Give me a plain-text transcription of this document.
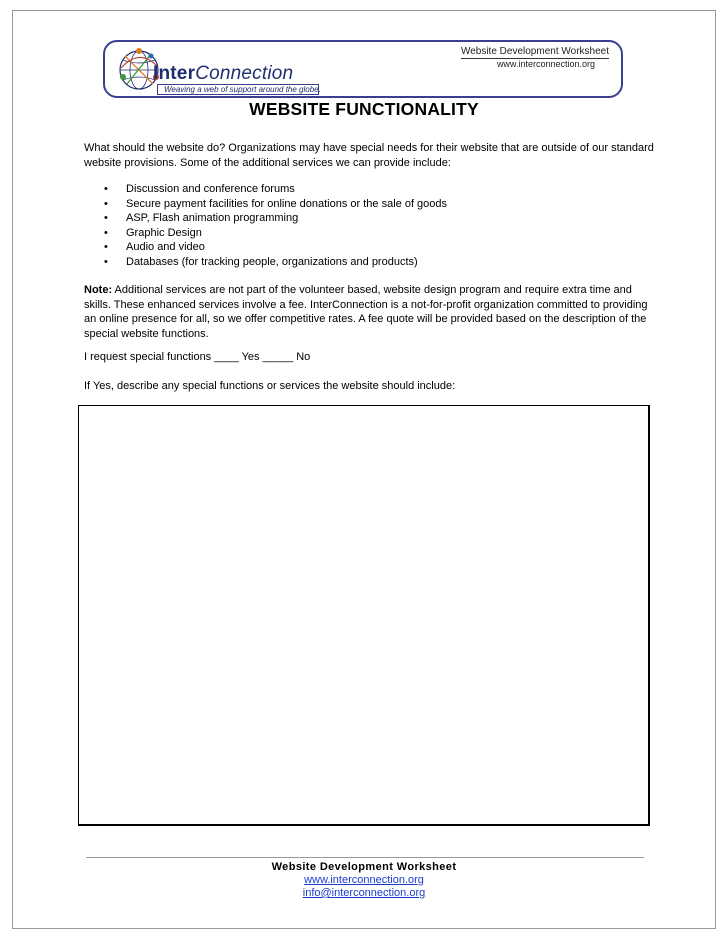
InterConnection
Weaving a web of support around the globe.
Website Development Worksheet
www.interconnection.org
WEBSITE FUNCTIONALITY

What should the website do? Organizations may have special needs for their website that are outside of our standard website provisions. Some of the additional services we can provide include:

• Discussion and conference forums
• Secure payment facilities for online donations or the sale of goods
• ASP, Flash animation programming
• Graphic Design
• Audio and video
• Databases (for tracking people, organizations and products)

Note: Additional services are not part of the volunteer based, website design program and require extra time and skills. These enhanced services involve a fee. InterConnection is a not-for-profit organization committed to providing an online presence for all, so we offer competitive rates. A fee quote will be provided based on the description of the special website functions.

I request special functions ____ Yes _____ No

If Yes, describe any special functions or services the website should include:

Website Development Worksheet
www.interconnection.org
info@interconnection.org
